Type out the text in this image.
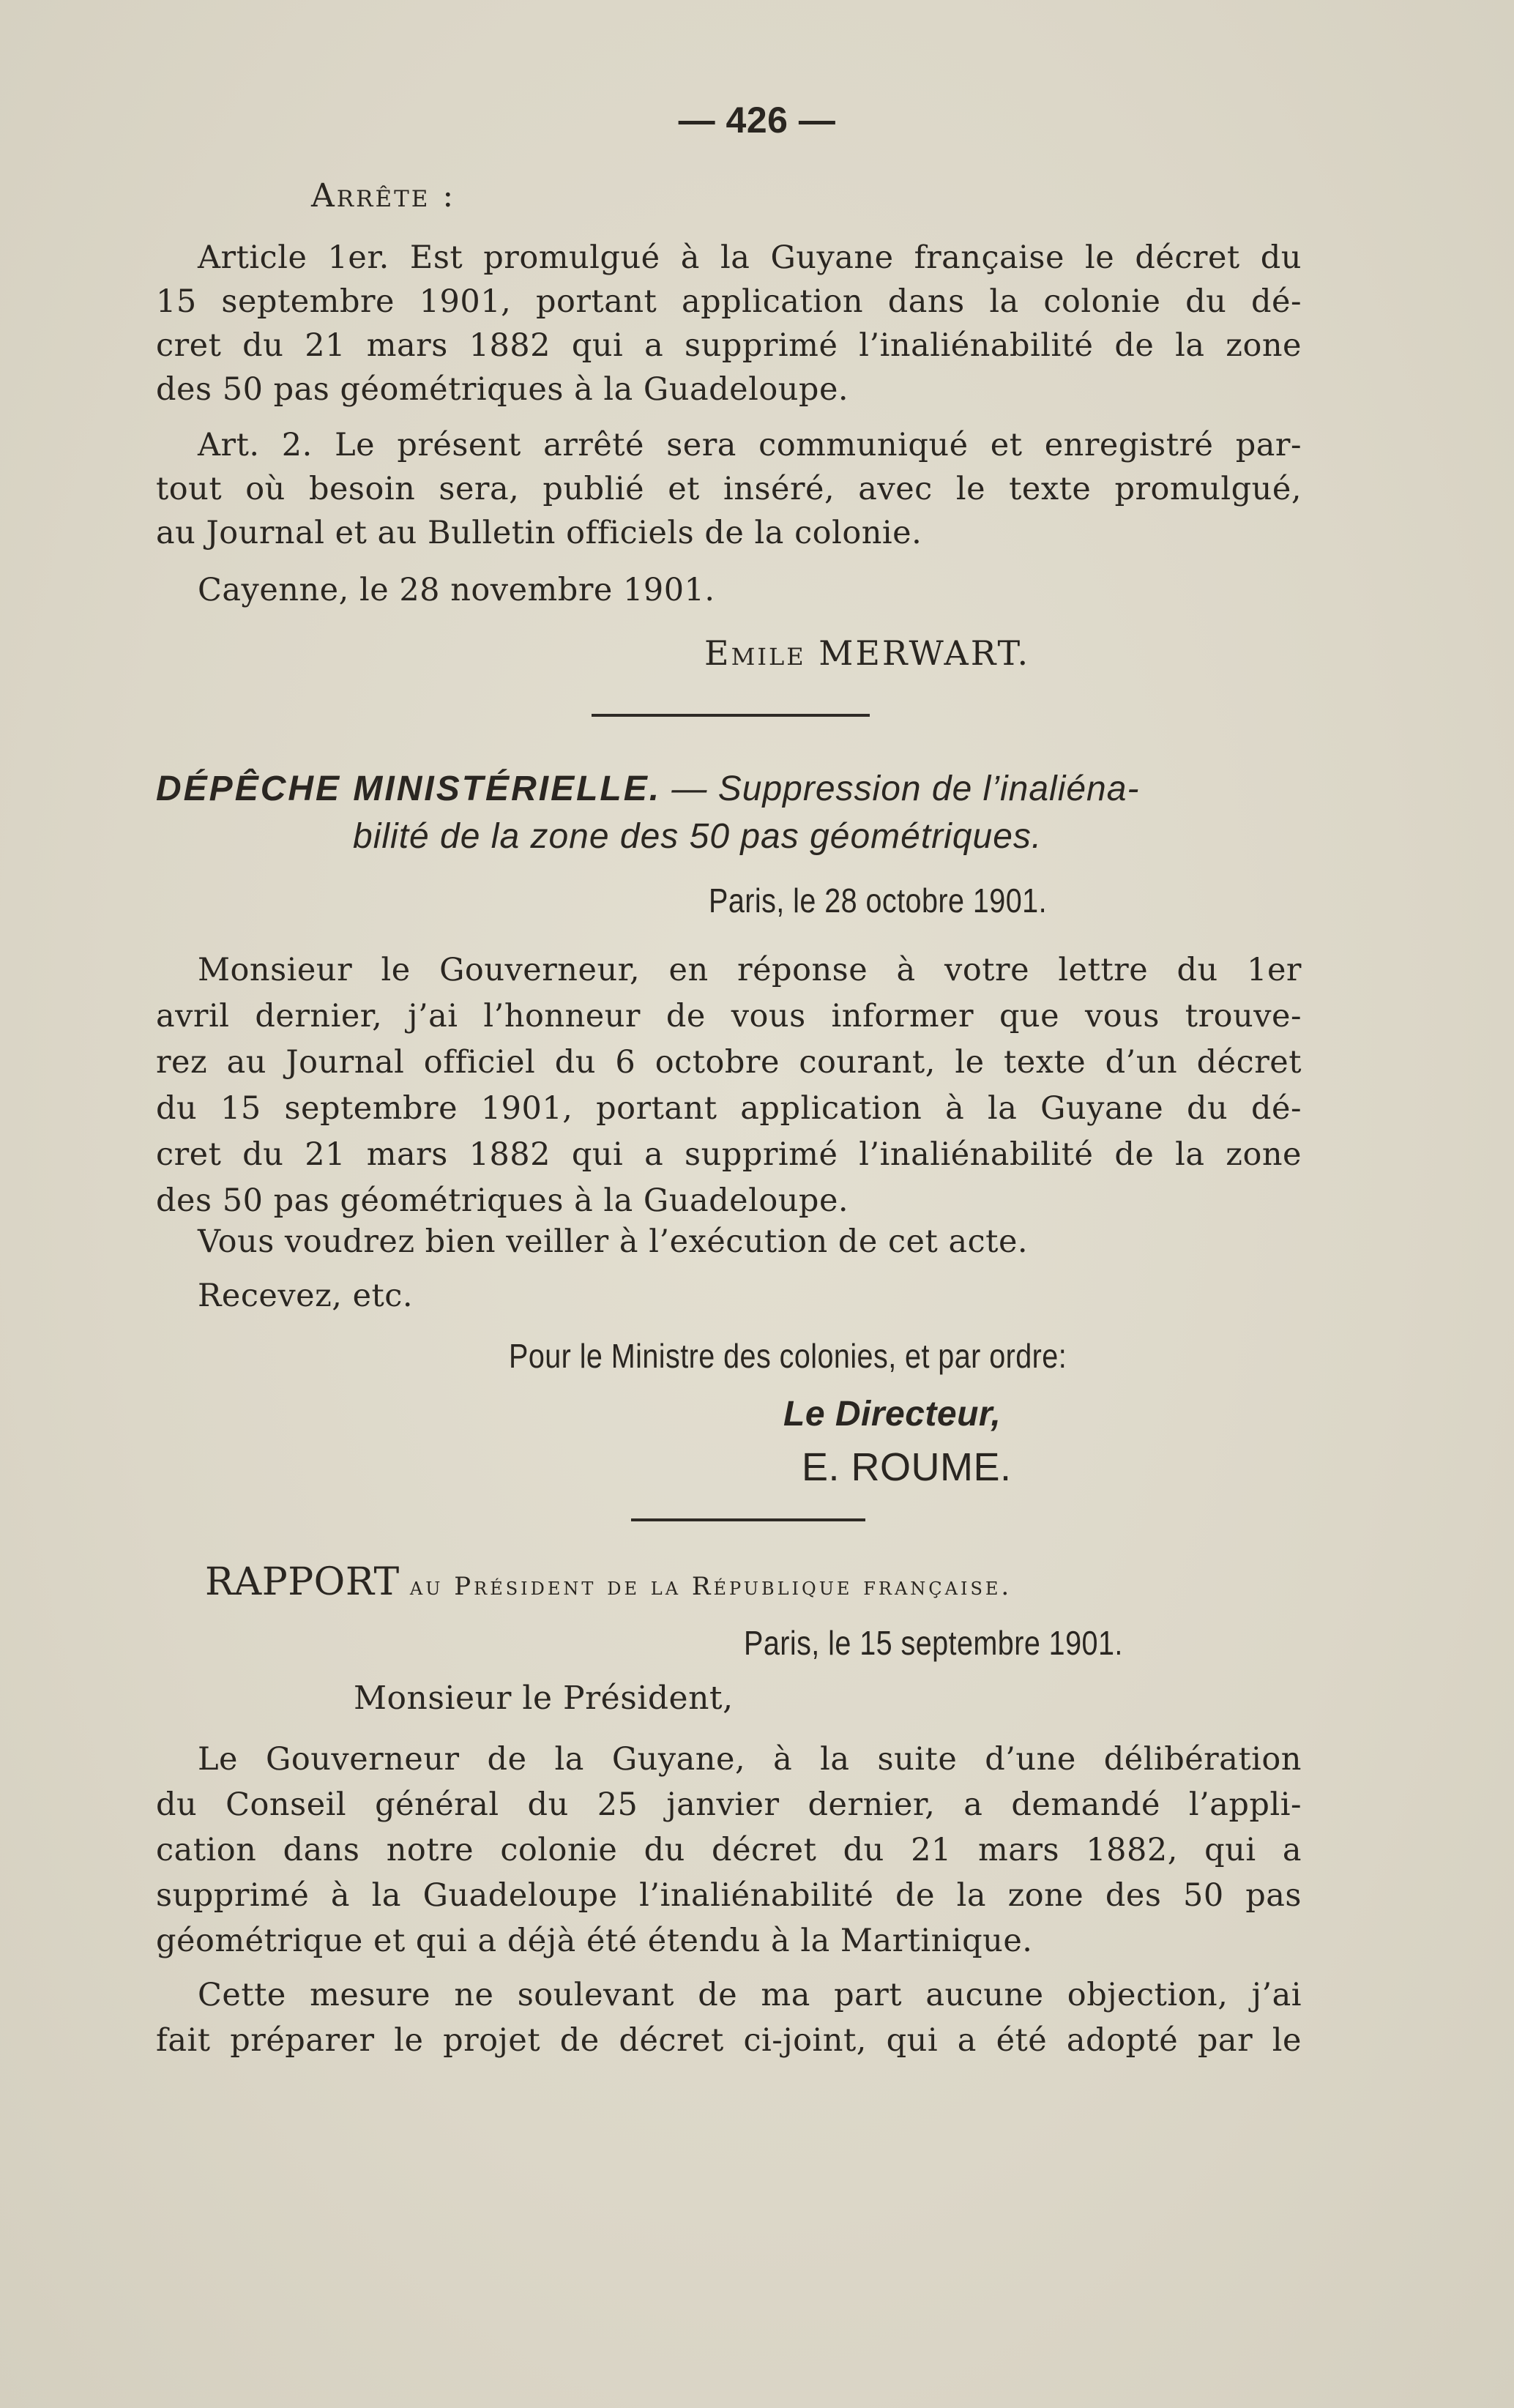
— 426 —
Arrête :
Article 1er. Est promulgué à la Guyane française le décret du
15 septembre 1901, portant application dans la colonie du dé-
cret du 21 mars 1882 qui a supprimé l’inaliénabilité de la zone
des 50 pas géométriques à la Guadeloupe.
Art. 2. Le présent arrêté sera communiqué et enregistré par-
tout où besoin sera, publié et inséré, avec le texte promulgué,
au Journal et au Bulletin officiels de la colonie.
Cayenne, le 28 novembre 1901.
Emile MERWART.
DÉPÊCHE MINISTÉRIELLE. — Suppression de l’inaliéna-
bilité de la zone des 50 pas géométriques.
Paris, le 28 octobre 1901.
Monsieur le Gouverneur, en réponse à votre lettre du 1er
avril dernier, j’ai l’honneur de vous informer que vous trouve-
rez au Journal officiel du 6 octobre courant, le texte d’un décret
du 15 septembre 1901, portant application à la Guyane du dé-
cret du 21 mars 1882 qui a supprimé l’inaliénabilité de la zone
des 50 pas géométriques à la Guadeloupe.
Vous voudrez bien veiller à l’exécution de cet acte.
Recevez, etc.
Pour le Ministre des colonies, et par ordre:
Le Directeur,
E. ROUME.
RAPPORT au Président de la République française.
Paris, le 15 septembre 1901.
Monsieur le Président,
Le Gouverneur de la Guyane, à la suite d’une délibération
du Conseil général du 25 janvier dernier, a demandé l’appli-
cation dans notre colonie du décret du 21 mars 1882, qui a
supprimé à la Guadeloupe l’inaliénabilité de la zone des 50 pas
géométrique et qui a déjà été étendu à la Martinique.
Cette mesure ne soulevant de ma part aucune objection, j’ai
fait préparer le projet de décret ci-joint, qui a été adopté par le
